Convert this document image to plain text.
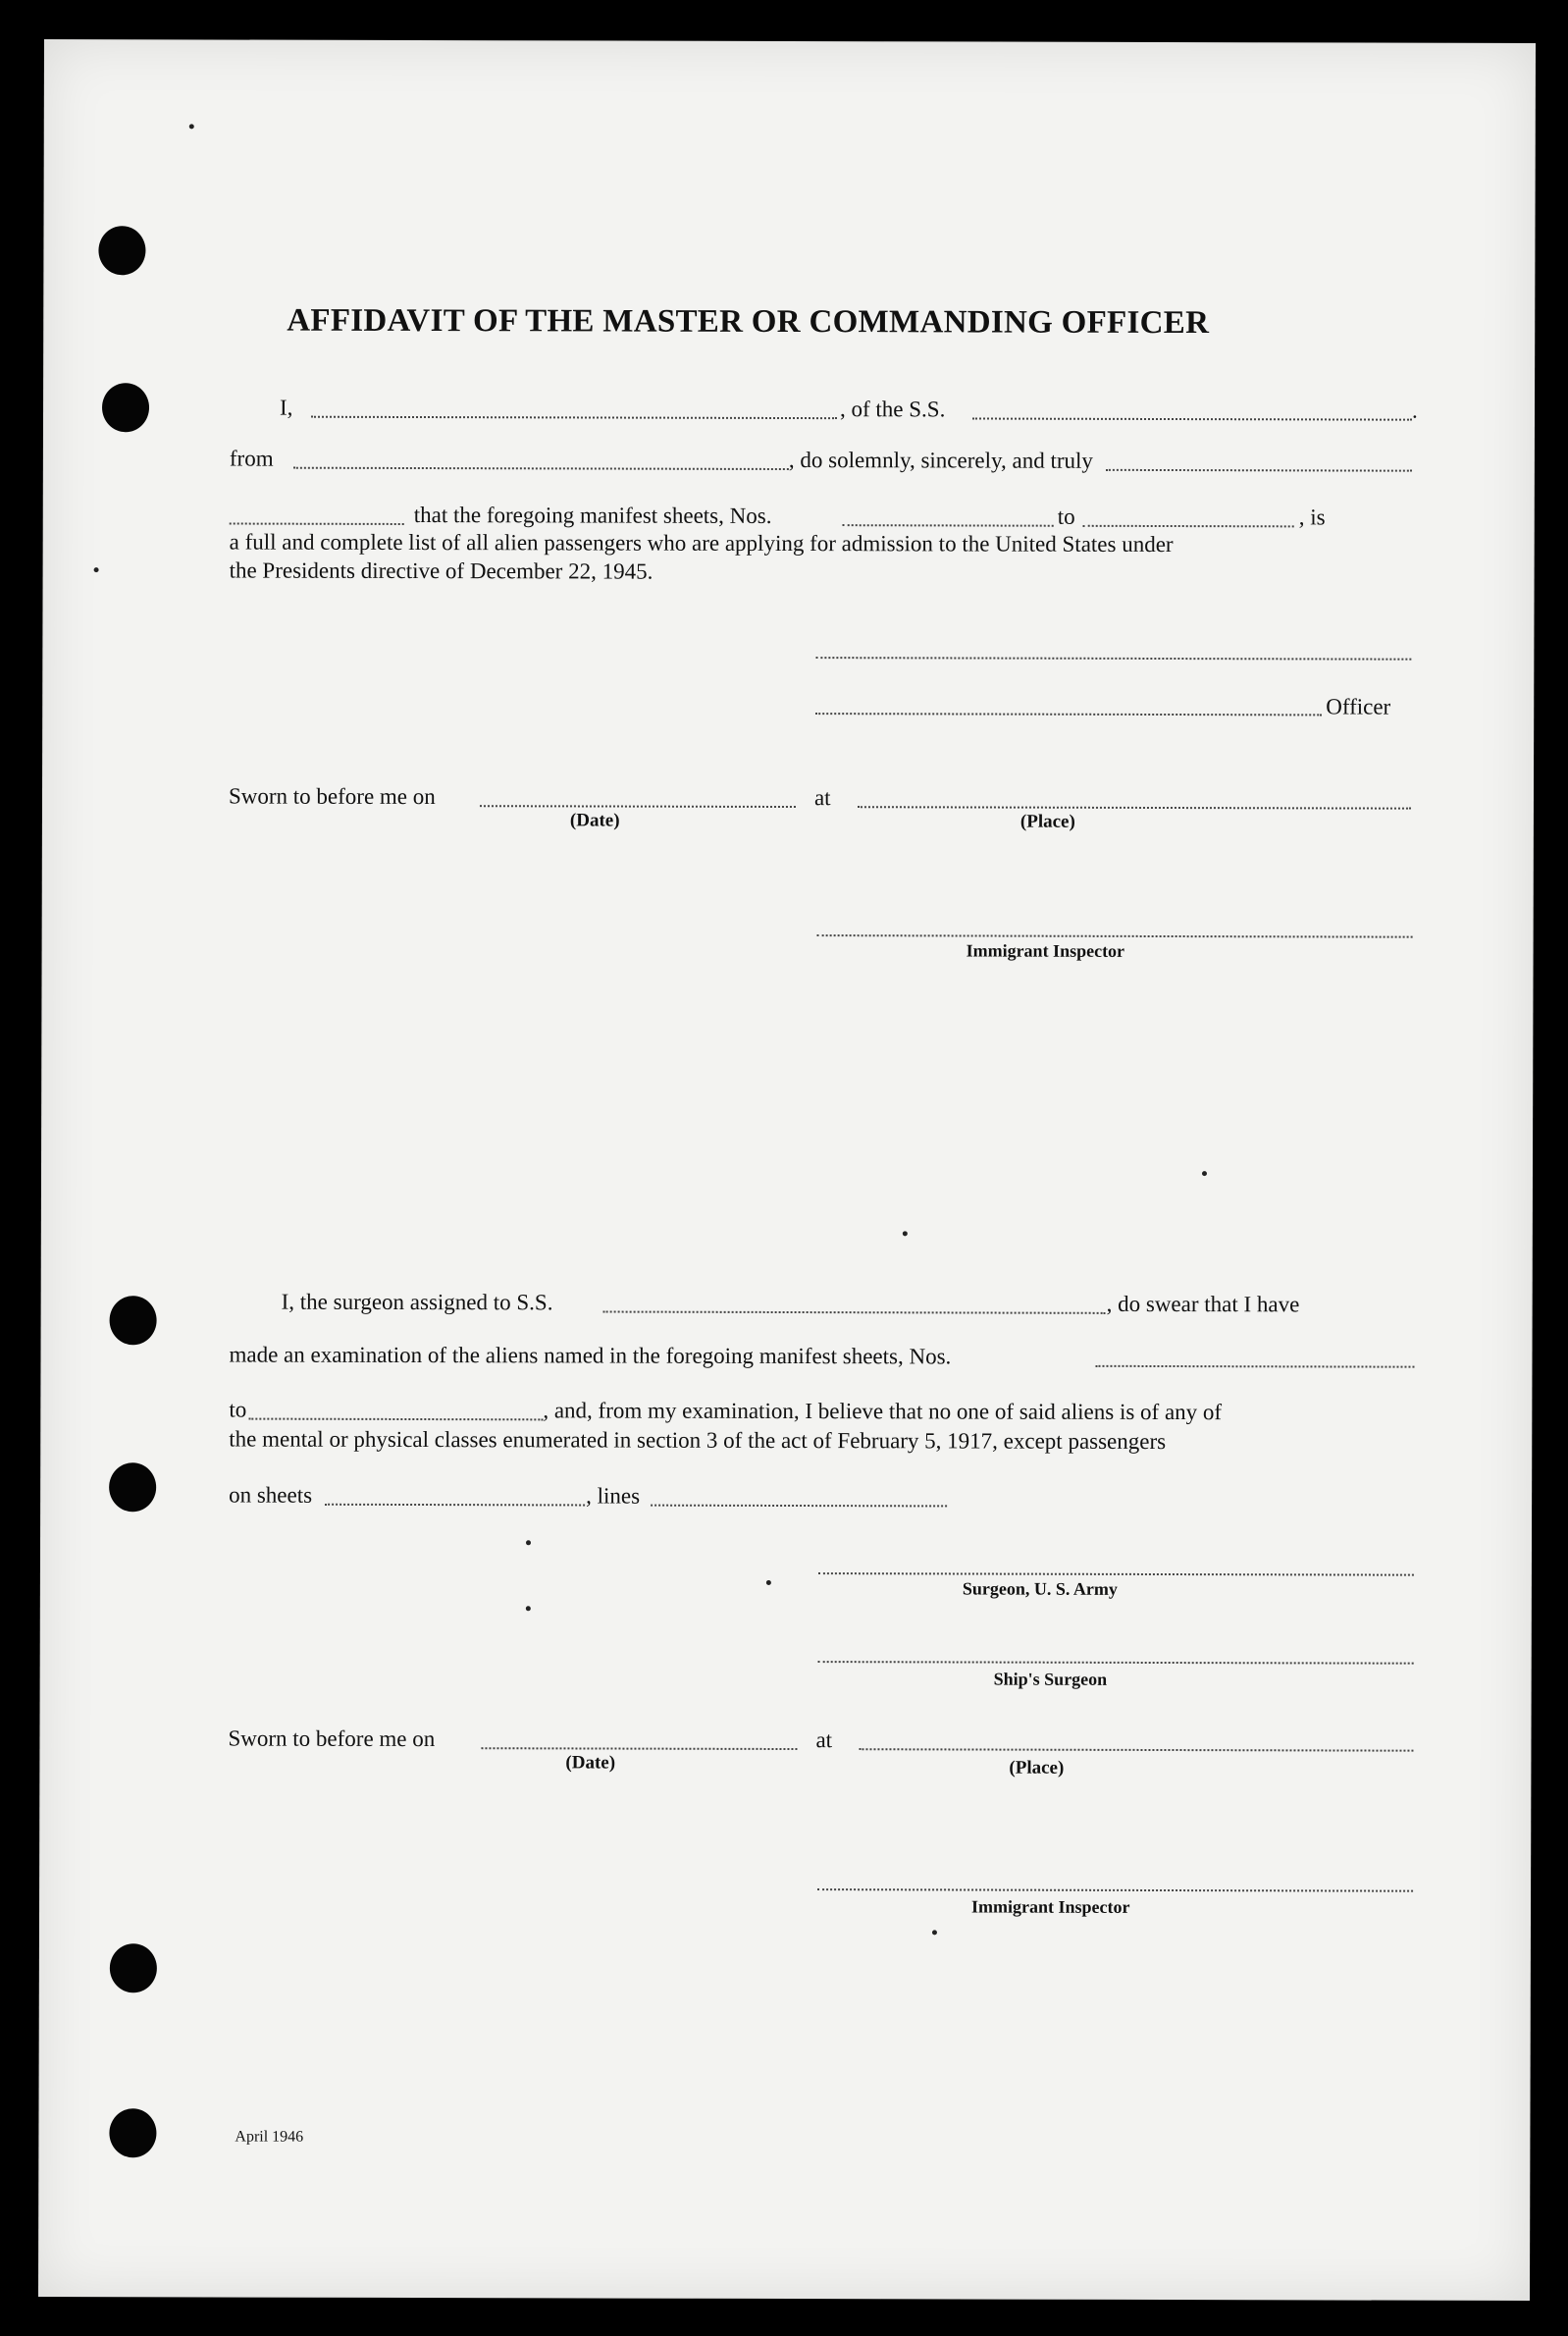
AFFIDAVIT OF THE MASTER OR COMMANDING OFFICER
I,	, of the S.S.	.
from	, do solemnly, sincerely, and truly
that the foregoing manifest sheets, Nos.	to	, is
a full and complete list of all alien passengers who are applying for admission to the United States under
the Presidents directive of December 22, 1945.
Officer
Sworn to before me on	at
(Date)	(Place)
Immigrant Inspector
I, the surgeon assigned to S.S.	, do swear that I have
made an examination of the aliens named in the foregoing manifest sheets, Nos.
to	, and, from my examination, I believe that no one of said aliens is of any of
the mental or physical classes enumerated in section 3 of the act of February 5, 1917, except passengers
on sheets	, lines
Surgeon, U. S. Army
Ship's Surgeon
Sworn to before me on	at
(Date)	(Place)
Immigrant Inspector
April 1946
